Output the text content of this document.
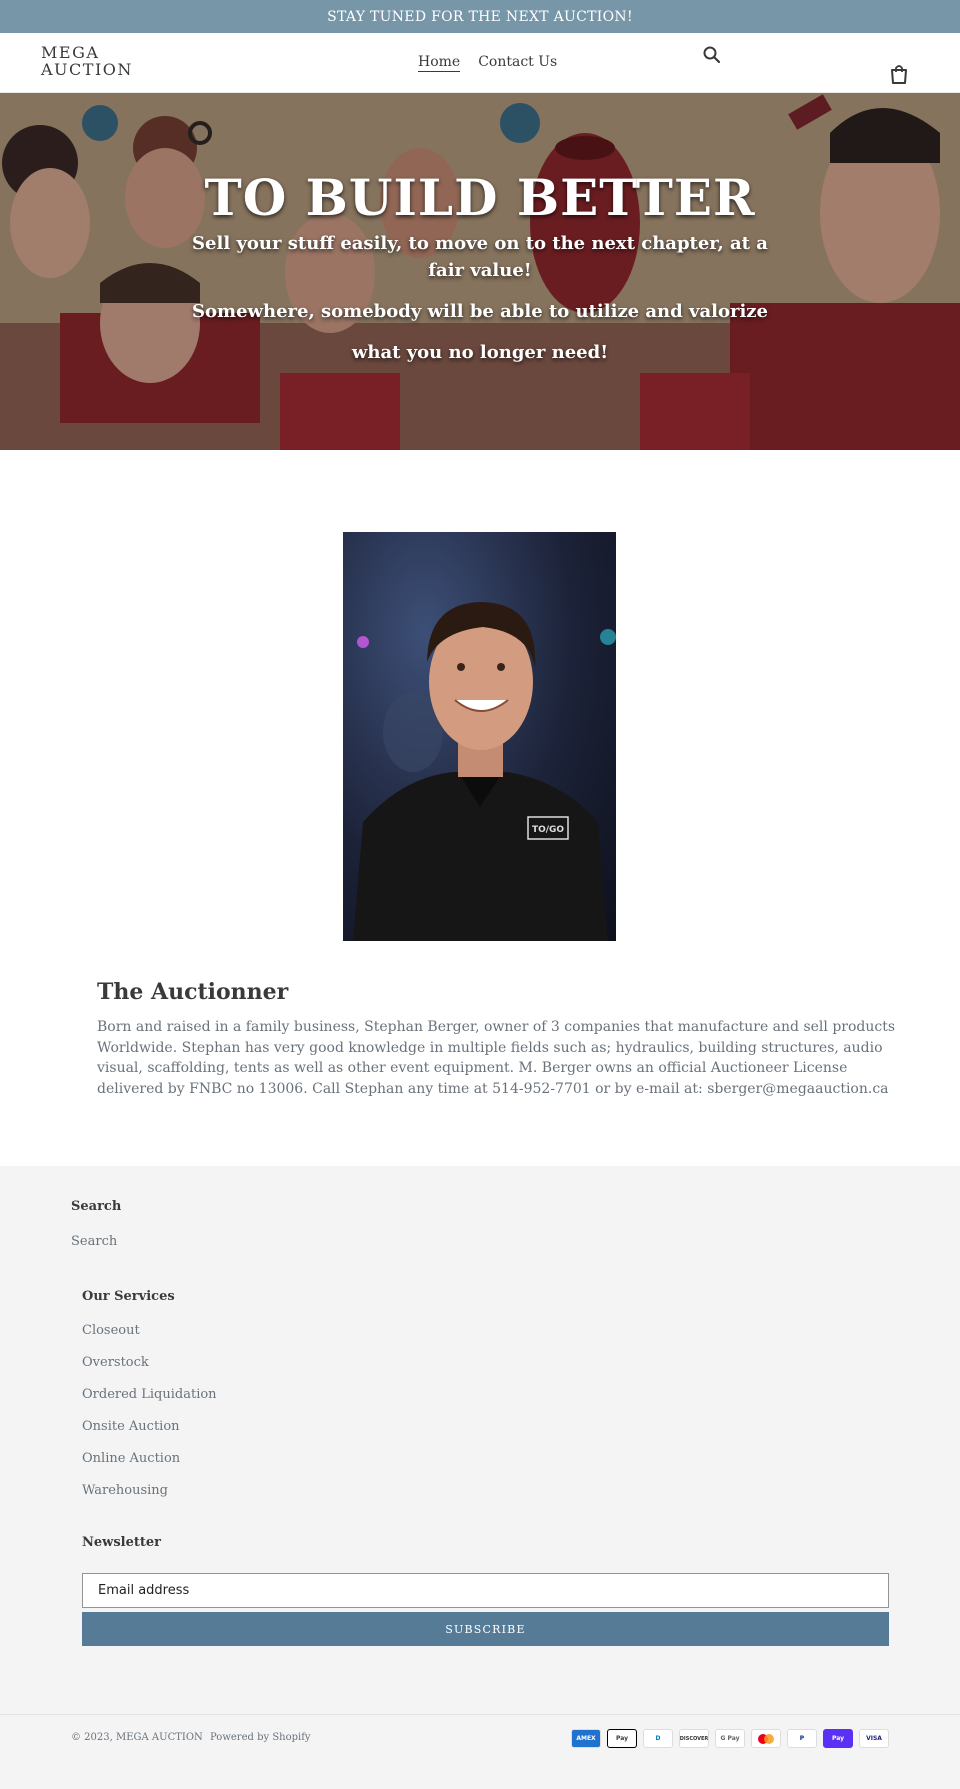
STAY TUNED FOR THE NEXT AUCTION!
MEGA AUCTION	Home Contact Us
TO BUILD BETTER
Sell your stuff easily, to move on to the next chapter, at a fair value!
Somewhere, somebody will be able to utilize and valorize
what you no longer need!
TO/GO
The Auctionner
Born and raised in a family business, Stephan Berger, owner of 3 companies that manufacture and sell products Worldwide. Stephan has very good knowledge in multiple fields such as; hydraulics, building structures, audio visual, scaffolding, tents as well as other event equipment. M. Berger owns an official Auctioneer License delivered by FNBC no 13006. Call Stephan any time at 514-952-7701 or by e-mail at: sberger@megaauction.ca
Search
Search
Our Services
Closeout
Overstock
Ordered Liquidation
Onsite Auction
Online Auction
Warehousing
Newsletter
Email address
SUBSCRIBE
© 2023, MEGA AUCTION Powered by Shopify	AMEX	Pay	D	DISCOVER G Pay	P	Pay	VISA
